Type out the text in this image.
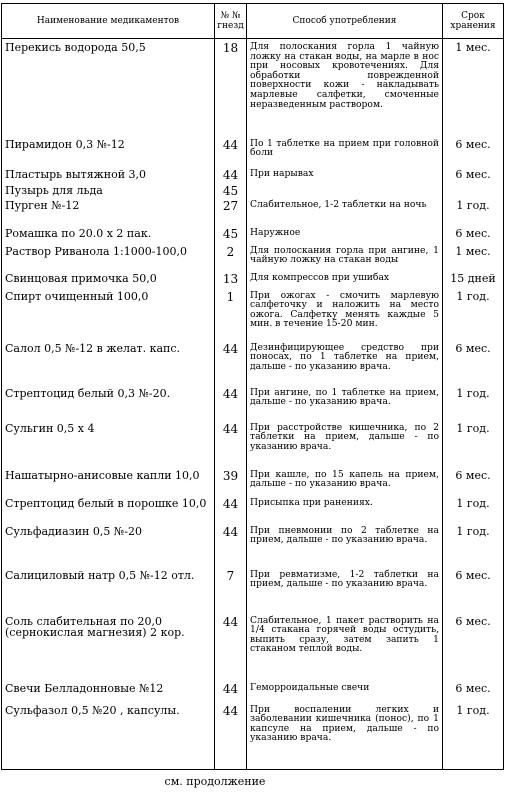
Наименование медикаментов	№ № гнезд	Способ употребления	Срок хранения
Перекись водорода 50,5	18	Для полоскания горла 1 чайную ложку на стакан воды, на марле в нос при носовых кровотечениях. Для обработки поврежденной поверхности кожи - накладывать марлевые салфетки, смоченные неразведенным раствором.	1 мес.
Пирамидон 0,3 №-12	44	По 1 таблетке на прием при головной боли	6 мес.
Пластырь вытяжной 3,0	44	При нарывах	6 мес.
Пузырь для льда	45		
Пурген №-12	27	Слабительное, 1-2 таблетки на ночь	1 год.
Ромашка по 20.0 х 2 пак.	45	Наружное	6 мес.
Раствор Риванола 1:1000-100,0	2	Для полоскания горла при ангине, 1 чайную ложку на стакан воды	1 мес.
Свинцовая примочка 50,0	13	Для компрессов при ушибах	15 дней
Спирт очищенный 100,0	1	При ожогах - смочить марлевую салфеточку и наложить на место ожога. Салфетку менять каждые 5 мин. в течение 15-20 мин.	1 год.
Салол 0,5 №-12 в желат. капс.	44	Дезинфицирующее средство при поносах, по 1 таблетке на прием, дальше - по указанию врача.	6 мес.
Стрептоцид белый 0,3 №-20.	44	При ангине, по 1 таблетке на прием, дальше - по указанию врача.	1 год.
Сульгин 0,5 х 4	44	При расстройстве кишечника, по 2 таблетки на прием, дальше - по указанию врача.	1 год.
Нашатырно-анисовые капли 10,0	39	При кашле, по 15 капель на прием, дальше - по указанию врача.	6 мес.
Стрептоцид белый в порошке 10,0	44	Присыпка при ранениях.	1 год.
Сульфадиазин 0,5 №-20	44	При пневмонии по 2 таблетке на прием, дальше - по указанию врача.	1 год.
Салициловый натр 0,5 №-12 отл.	7	При ревматизме, 1-2 таблетки на прием, дальше - по указанию врача.	6 мес.
Соль слабительная по 20,0 (сернокислая магнезия) 2 кор.	44	Слабительное, 1 пакет растворить на 1/4 стакана горячей воды остудить, выпить сразу, затем запить 1 стаканом теплой воды.	6 мес.
Свечи Белладонновые №12	44	Геморроидальные свечи	6 мес.
Сульфазол 0,5 №20 , капсулы.	44	При воспалении легких и заболевании кишечника (понос), по 1 капсуле на прием, дальше - по указанию врача.	1 год.
см. продолжение
